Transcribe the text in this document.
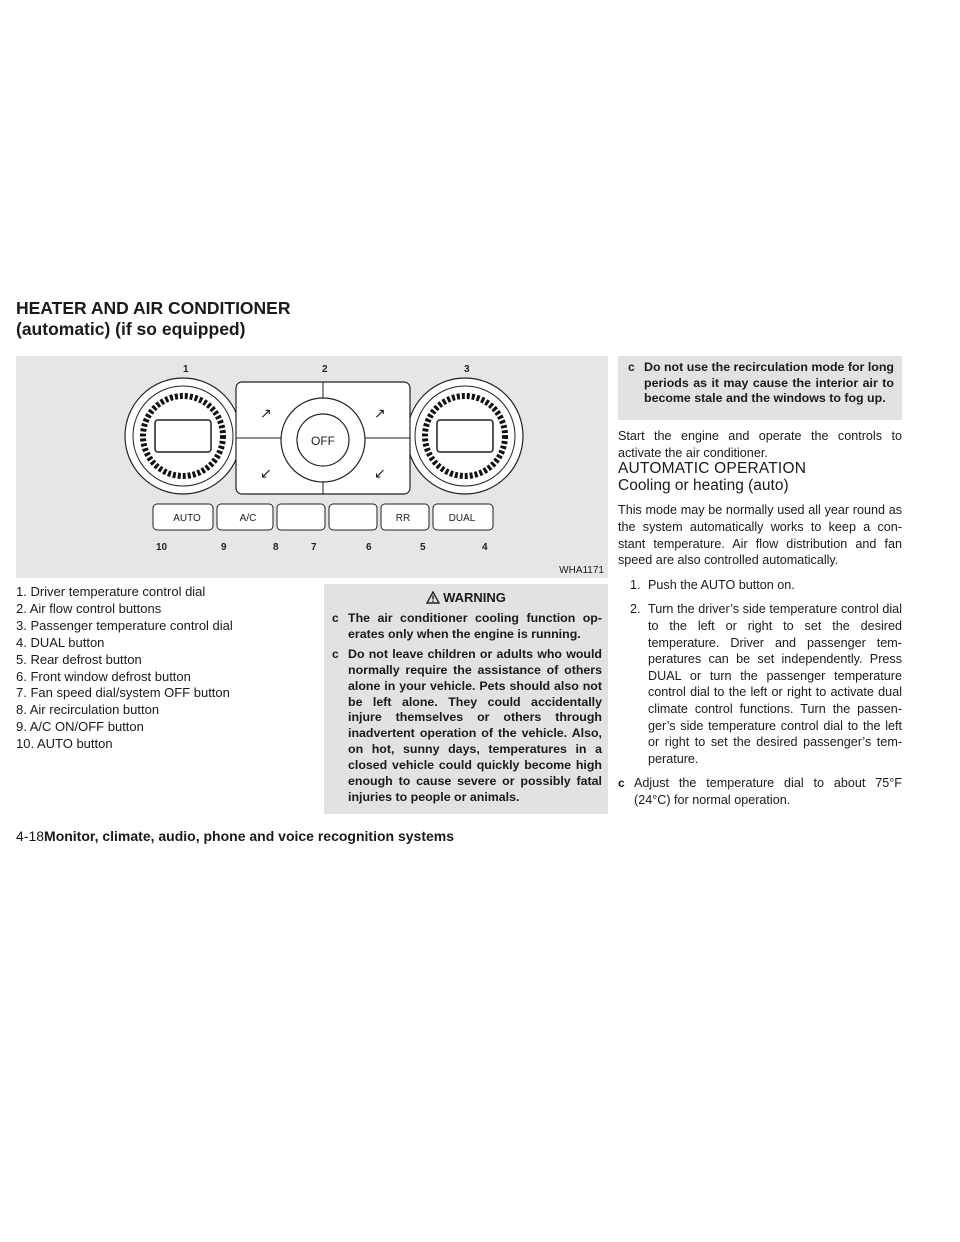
HEATER AND AIR CONDITIONER
(automatic) (if so equipped)
OFF
↗
↙
↗
↙
AUTO	A/C	RR	DUAL
1	2	3
4
5
6
7
8
9
10
WHA1171
1. Driver temperature control dial
2. Air flow control buttons
3. Passenger temperature control dial
4. DUAL button
5. Rear defrost button
6. Front window defrost button
7. Fan speed dial/system OFF button
8. Air recirculation button
9. A/C ON/OFF button
10. AUTO button
WARNING
c The air conditioner cooling function op-erates only when the engine is running.
c Do not leave children or adults who would normally require the assistance of others alone in your vehicle. Pets should also not be left alone. They could accidentally injure themselves or others through inadvertent operation of the vehicle. Also, on hot, sunny days, temperatures in a closed vehicle could quickly become high enough to cause severe or possibly fatal injuries to people or animals.

c Do not use the recirculation mode for long periods as it may cause the interior air to become stale and the windows to fog up.

Start the engine and operate the controls to activate the air conditioner.

AUTOMATIC OPERATION

Cooling or heating (auto)

This mode may be normally used all year round as the system automatically works to keep a con-stant temperature. Air flow distribution and fan speed are also controlled automatically.

1. Push the AUTO button on.
2. Turn the driver’s side temperature control dial to the left or right to set the desired temperature. Driver and passenger tem-peratures can be set independently. Press DUAL or turn the passenger temperature control dial to the left or right to activate dual climate control functions. Turn the passen-ger’s side temperature control dial to the left or right to set the desired passenger’s tem-perature.

c Adjust the temperature dial to about 75°F (24°C) for normal operation.

4-18Monitor, climate, audio, phone and voice recognition systems
